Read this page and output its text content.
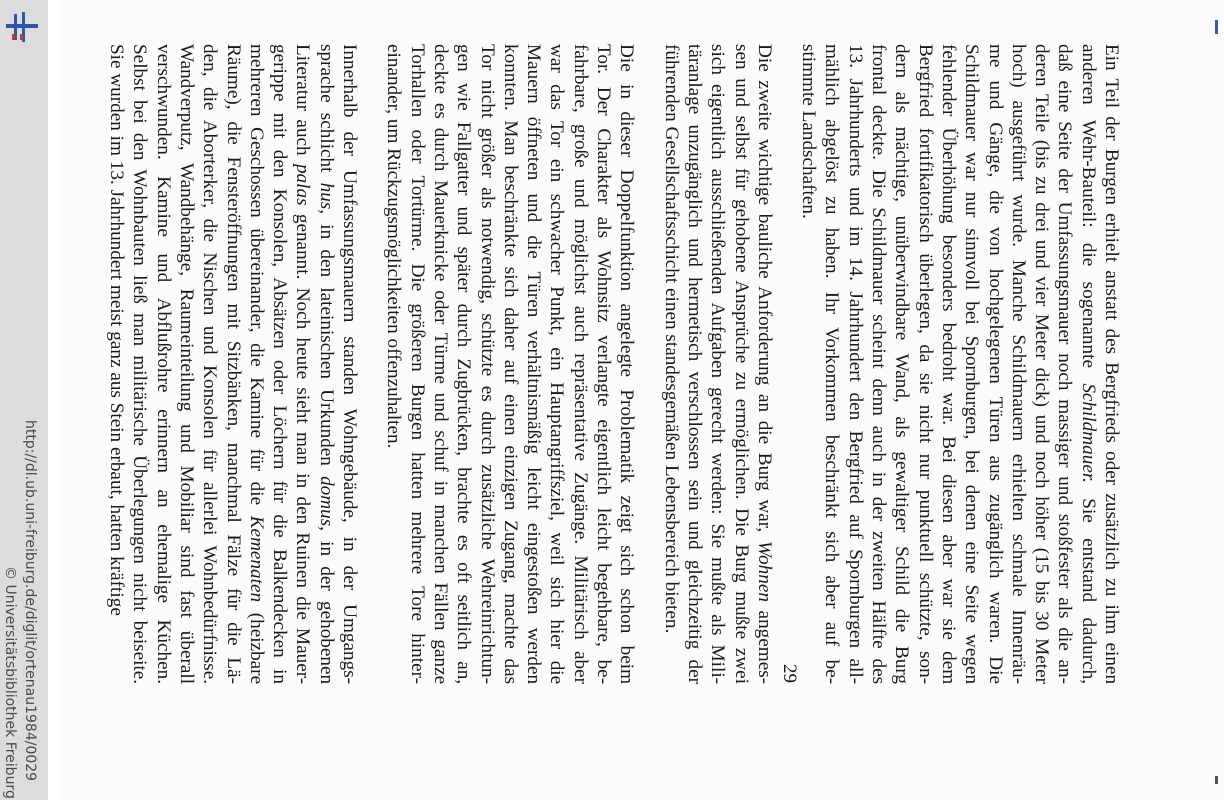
http://dl.ub.uni-freiburg.de/diglit/ortenau1984/0029
© Universitätsbibliothek Freiburg
Ein Teil der Burgen erhielt anstatt des Bergfrieds oder zusätzlich zu ihm einen
anderen Wehr-Bauteil: die sogenannte Schildmauer. Sie entstand dadurch,
daß eine Seite der Umfassungsmauer noch massiger und stoßfester als die an-
deren Teile (bis zu drei und vier Meter dick) und noch höher (15 bis 30 Meter
hoch) ausgeführt wurde. Manche Schildmauern erhielten schmale Innenräu-
me und Gänge, die von hochgelegenen Türen aus zugänglich waren. Die
Schildmauer war nur sinnvoll bei Spornburgen, bei denen eine Seite wegen
fehlender Überhöhung besonders bedroht war. Bei diesen aber war sie dem
Bergfried fortifikatorisch überlegen, da sie nicht nur punktuell schützte, son-
dern als mächtige, unüberwindbare Wand, als gewaltiger Schild die Burg
frontal deckte. Die Schildmauer scheint denn auch in der zweiten Hälfte des
13. Jahrhunderts und im 14. Jahrhundert den Bergfried auf Spornburgen all-
mählich abgelöst zu haben. Ihr Vorkommen beschränkt sich aber auf be-
stimmte Landschaften.
Die zweite wichtige bauliche Anforderung an die Burg war, Wohnen angemes-
sen und selbst für gehobene Ansprüche zu ermöglichen. Die Burg mußte zwei
sich eigentlich ausschließenden Aufgaben gerecht werden: Sie mußte als Mili-
täranlage unzugänglich und hermetisch verschlossen sein und gleichzeitig der
führenden Gesellschaftsschicht einen standesgemäßen Lebensbereich bieten.
Die in dieser Doppelfunktion angelegte Problematik zeigt sich schon beim
Tor. Der Charakter als Wohnsitz verlangte eigentlich leicht begehbare, be-
fahrbare, große und möglichst auch repräsentative Zugänge. Militärisch aber
war das Tor ein schwacher Punkt, ein Hauptangriffsziel, weil sich hier die
Mauern öffneten und die Türen verhältnismäßig leicht eingestoßen werden
konnten. Man beschränkte sich daher auf einen einzigen Zugang, machte das
Tor nicht größer als notwendig, schützte es durch zusätzliche Wehreinrichtun-
gen wie Fallgatter und später durch Zugbrücken, brachte es oft seitlich an,
deckte es durch Mauerknicke oder Türme und schuf in manchen Fällen ganze
Torhallen oder Tortürme. Die größeren Burgen hatten mehrere Tore hinter-
einander, um Rückzugsmöglichkeiten offenzuhalten.
Innerhalb der Umfassungsmauern standen Wohngebäude, in der Umgangs-
sprache schlicht hus, in den lateinischen Urkunden domus, in der gehobenen
Literatur auch palas genannt. Noch heute sieht man in den Ruinen die Mauer-
gerippe mit den Konsolen, Absätzen oder Löchern für die Balkendecken in
mehreren Geschossen übereinander, die Kamine für die Kemenaten (heizbare
Räume), die Fensteröffnungen mit Sitzbänken, manchmal Fälze für die Lä-
den, die Aborterker, die Nischen und Konsolen für allerlei Wohnbedürfnisse.
Wandverputz, Wandbehänge, Raumeinteilung und Mobiliar sind fast überall
verschwunden. Kamine und Abflußrohre erinnern an ehemalige Küchen.
Selbst bei den Wohnbauten ließ man militärische Überlegungen nicht beiseite.
Sie wurden im 13. Jahrhundert meist ganz aus Stein erbaut, hatten kräftige
29
